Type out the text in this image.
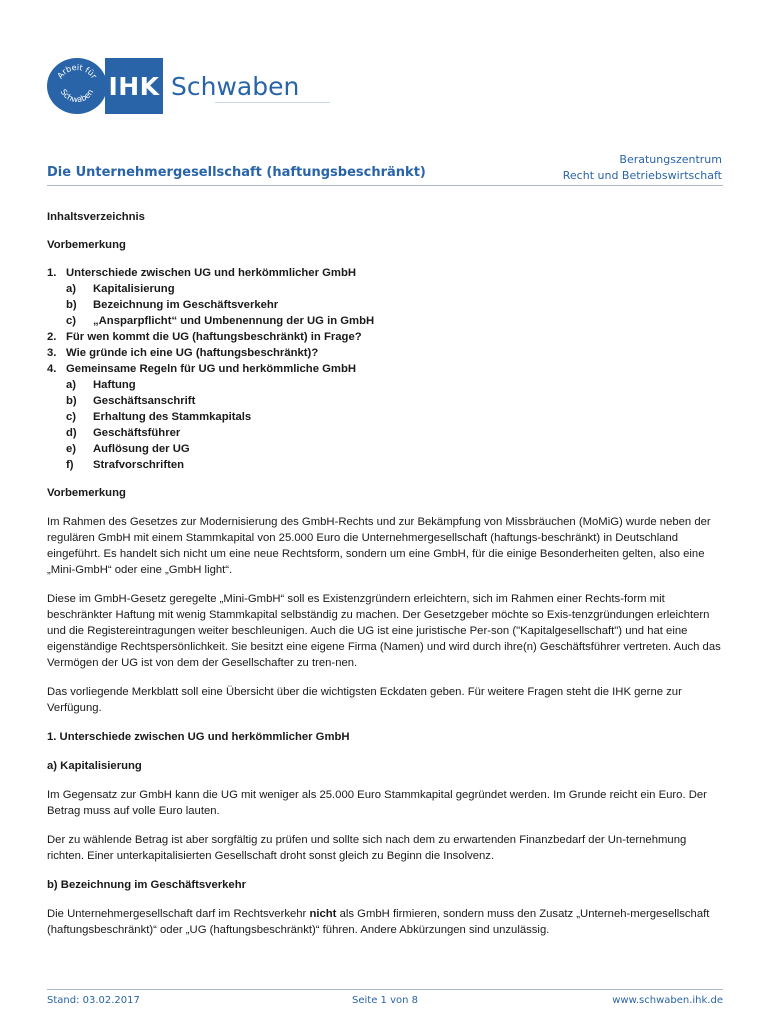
Arbeit für
Schwaben IHK Schwaben
Die Unternehmergesellschaft (haftungsbeschränkt)
Beratungszentrum
Recht und Betriebswirtschaft
Inhaltsverzeichnis
Vorbemerkung
1. Unterschiede zwischen UG und herkömmlicher GmbH
a)	Kapitalisierung
b)	Bezeichnung im Geschäftsverkehr
c)	„Ansparpflicht“ und Umbenennung der UG in GmbH
2. Für wen kommt die UG (haftungsbeschränkt) in Frage?
3. Wie gründe ich eine UG (haftungsbeschränkt)?
4. Gemeinsame Regeln für UG und herkömmliche GmbH
a)	Haftung
b)	Geschäftsanschrift
c)	Erhaltung des Stammkapitals
d)	Geschäftsführer
e)	Auflösung der UG
f)	Strafvorschriften
Vorbemerkung

Im Rahmen des Gesetzes zur Modernisierung des GmbH-Rechts und zur Bekämpfung von Missbräuchen (MoMiG) wurde neben der regulären GmbH mit einem Stammkapital von 25.000 Euro die Unternehmergesellschaft (haftungs-beschränkt) in Deutschland eingeführt. Es handelt sich nicht um eine neue Rechtsform, sondern um eine GmbH, für die einige Besonderheiten gelten, also eine „Mini-GmbH“ oder eine „GmbH light“.

Diese im GmbH-Gesetz geregelte „Mini-GmbH“ soll es Existenzgründern erleichtern, sich im Rahmen einer Rechts-form mit beschränkter Haftung mit wenig Stammkapital selbständig zu machen. Der Gesetzgeber möchte so Exis-tenzgründungen erleichtern und die Registereintragungen weiter beschleunigen. Auch die UG ist eine juristische Per-son ("Kapitalgesellschaft") und hat eine eigenständige Rechtspersönlichkeit. Sie besitzt eine eigene Firma (Namen) und wird durch ihre(n) Geschäftsführer vertreten. Auch das Vermögen der UG ist von dem der Gesellschafter zu tren-nen.

Das vorliegende Merkblatt soll eine Übersicht über die wichtigsten Eckdaten geben. Für weitere Fragen steht die IHK gerne zur Verfügung.

1. Unterschiede zwischen UG und herkömmlicher GmbH
a) Kapitalisierung

Im Gegensatz zur GmbH kann die UG mit weniger als 25.000 Euro Stammkapital gegründet werden. Im Grunde reicht ein Euro. Der Betrag muss auf volle Euro lauten.

Der zu wählende Betrag ist aber sorgfältig zu prüfen und sollte sich nach dem zu erwartenden Finanzbedarf der Un-ternehmung richten. Einer unterkapitalisierten Gesellschaft droht sonst gleich zu Beginn die Insolvenz.

b) Bezeichnung im Geschäftsverkehr

Die Unternehmergesellschaft darf im Rechtsverkehr nicht als GmbH firmieren, sondern muss den Zusatz „Unterneh-mergesellschaft (haftungsbeschränkt)“ oder „UG (haftungsbeschränkt)“ führen. Andere Abkürzungen sind unzulässig.

Stand: 03.02.2017	Seite 1 von 8	www.schwaben.ihk.de
